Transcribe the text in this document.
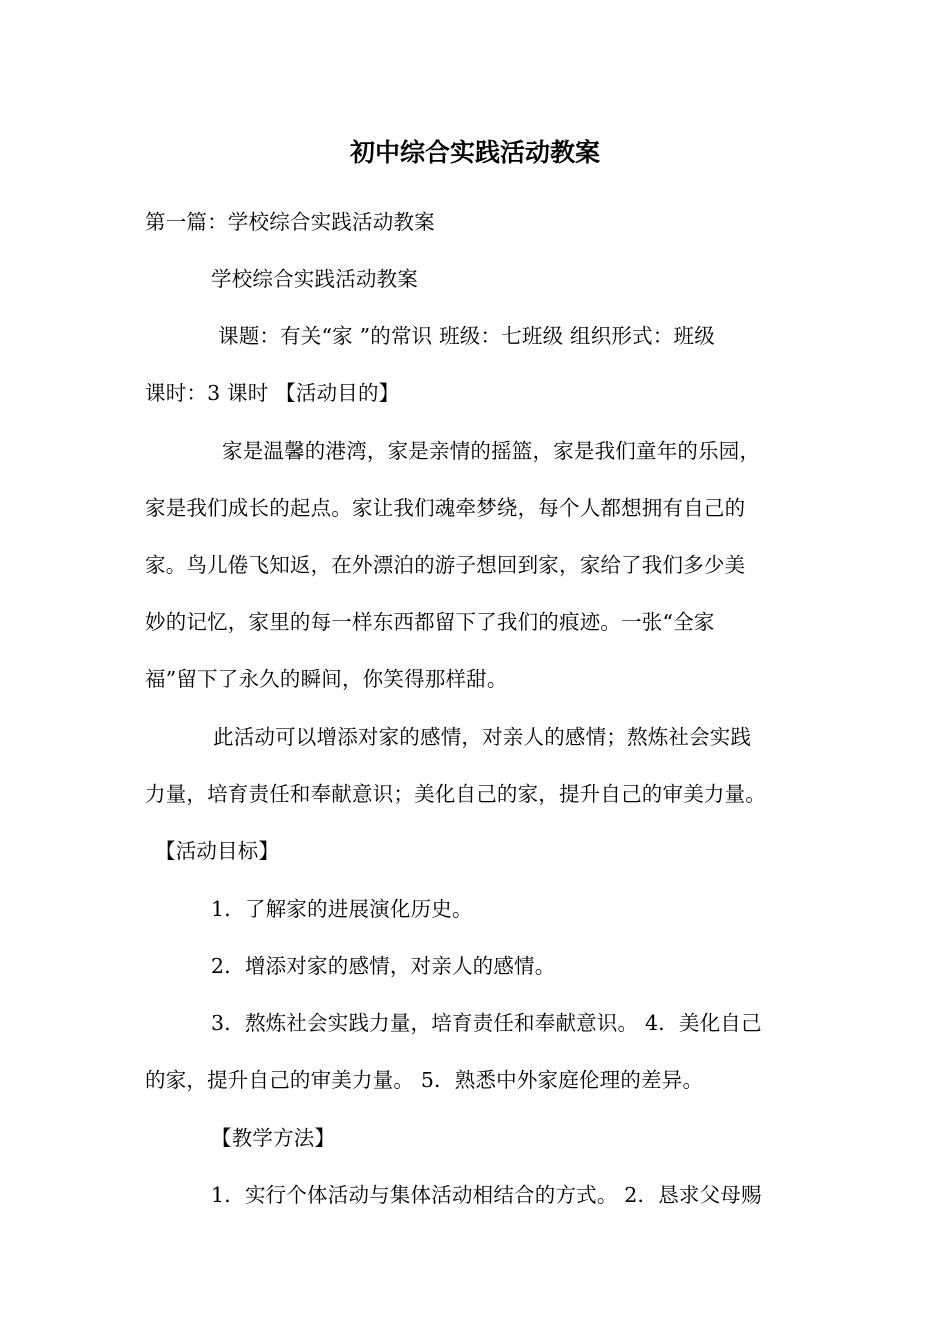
初中综合实践活动教案
第一篇：学校综合实践活动教案
学校综合实践活动教案
课题：有关“家 ”的常识 班级：七班级 组织形式：班级
课时：3 课时 【活动目的】
家是温馨的港湾，家是亲情的摇篮，家是我们童年的乐园，
家是我们成长的起点。家让我们魂牵梦绕，每个人都想拥有自己的
家。鸟儿倦飞知返，在外漂泊的游子想回到家，家给了我们多少美
妙的记忆，家里的每一样东西都留下了我们的痕迹。一张“全家
福”留下了永久的瞬间，你笑得那样甜。
此活动可以增添对家的感情，对亲人的感情；熬炼社会实践
力量，培育责任和奉献意识；美化自己的家，提升自己的审美力量。
【活动目标】
1．了解家的进展演化历史。
2．增添对家的感情，对亲人的感情。
3．熬炼社会实践力量，培育责任和奉献意识。 4．美化自己
的家，提升自己的审美力量。 5．熟悉中外家庭伦理的差异。
【教学方法】
1．实行个体活动与集体活动相结合的方式。 2．恳求父母赐
